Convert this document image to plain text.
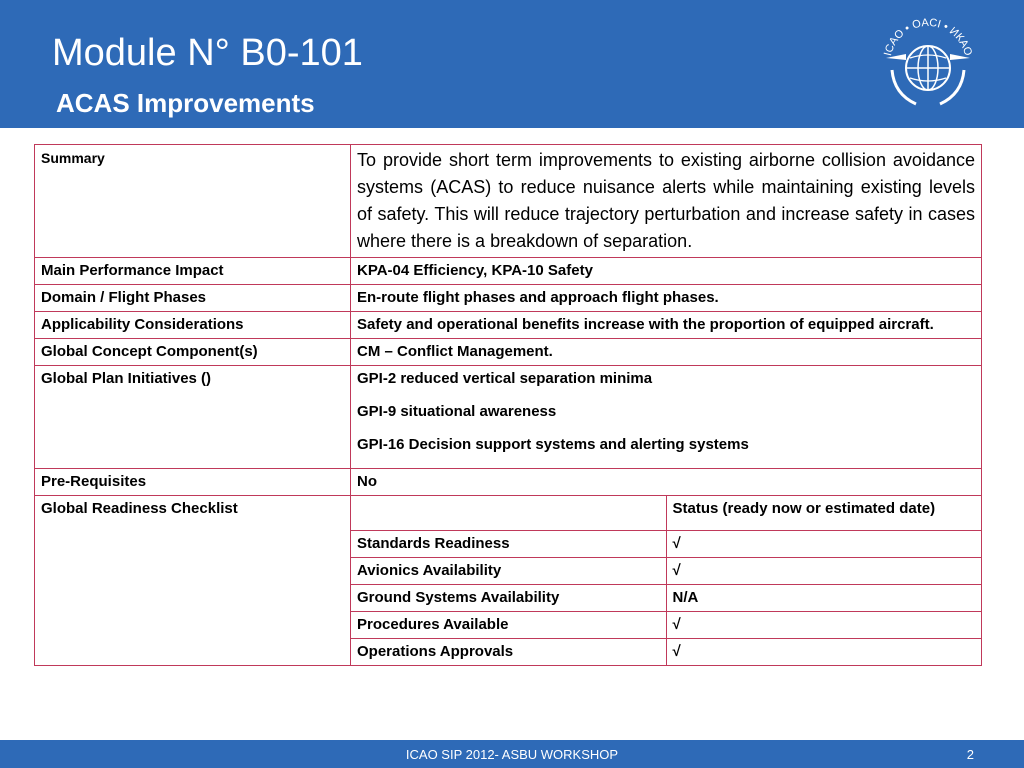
Module N° B0-101
ACAS Improvements
ICAO • OACI • ИКАО
Summary	To provide short term improvements to existing airborne collision avoidance systems (ACAS) to reduce nuisance alerts while maintaining existing levels of safety. This will reduce trajectory perturbation and increase safety in cases where there is a breakdown of separation.	
Main Performance Impact	KPA-04 Efficiency, KPA-10 Safety	
Domain / Flight Phases	En-route flight phases and approach flight phases.	
Applicability Considerations	Safety and operational benefits increase with the proportion of equipped aircraft.	
Global Concept Component(s)	CM – Conflict Management.	
Global Plan Initiatives ()	GPI-2 reduced vertical separation minima
GPI-9 situational awareness
GPI-16 Decision support systems and alerting systems	

Pre-Requisites	No	
Global Readiness Checklist		Status (ready now or estimated date)
	Standards Readiness	√
	Avionics Availability	√
	Ground Systems Availability	N/A
	Procedures Available	√
	Operations Approvals	√
ICAO SIP 2012- ASBU WORKSHOP	2
